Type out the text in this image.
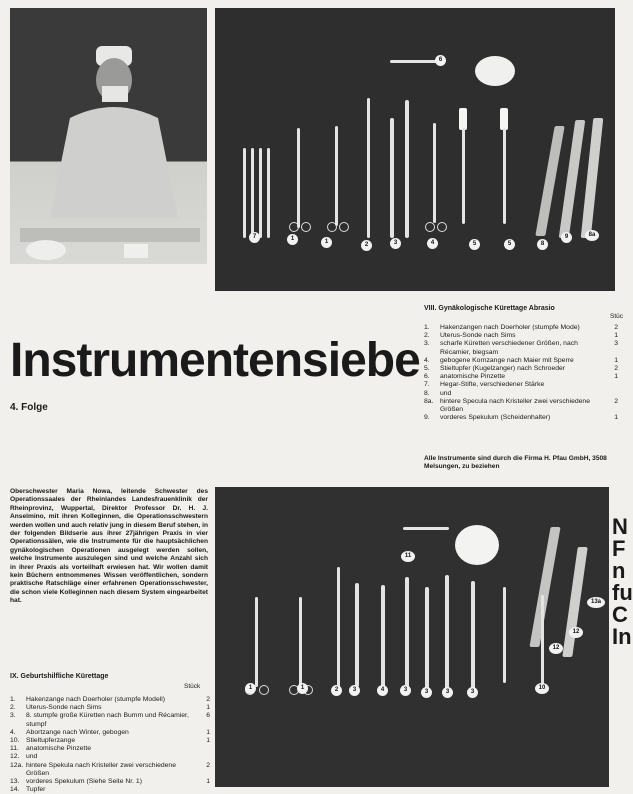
6
7	1	1	2	3	4	5	5	8
9	8a
11
1	1	2	3	4	3	3	3	3
10
12
12
13a
Instrumentensiebe
4. Folge
VIII. Gynäkologische Kürettage Abrasio
Stüc
1.	Hakenzangen nach Doerholer (stumpfe Mode)	2
2.	Uterus-Sonde nach Sims	1
3.	scharfe Küretten verschiedener Größen, nach Récamier, biegsam	3
4.	gebogene Kornzange nach Maier mit Sperre	1
5.	Stieltupfer (Kugelzanger) nach Schroeder	2
6.	anatomische Pinzette	1
7.	Hegar-Stifte, verschiedener Stärke	
8.	und	
8a.	hintere Specula nach Kristeller zwei verschiedene Größen	2
9.	vorderes Spekulum (Scheidenhalter)	1
Alle Instrumente sind durch die Firma H. Pfau GmbH, 3508 Melsungen, zu beziehen
Oberschwester Maria Nowa, leitende Schwester des Operationssaales der Rheinlandes Landesfrauenklinik der Rheinprovinz, Wuppertal, Direktor Professor Dr. H. J. Anselmino, mit ihren Kolleginnen, die Operationsschwestern werden wollen und auch relativ jung in diesem Beruf stehen, in der folgenden Bildserie aus ihrer 27jährigen Praxis in vier Operationssälen, wie die Instrumente für die hauptsächlichen gynäkologischen Operationen ausgelegt werden sollen, welche Instrumente auszulegen sind und welche Anzahl sich in ihrer Praxis als vorteilhaft erwiesen hat. Wir wollen damit kein Büchern entnommenes Wissen veröffentlichen, sondern praktische Ratschläge einer erfahrenen Operationsschwester, die schon viele Kolleginnen nach diesem System eingearbeitet hat.
IX. Geburtshilfliche Kürettage
Stück
1.	Hakenzange nach Doerholer (stumpfe Modell)	2
2.	Uterus-Sonde nach Sims	1
3.	8. stumpfe große Küretten nach Bumm und Récamier, stumpf	6
4.	Abortzange nach Winter, gebogen	1
10.	Stieltupferzange	1
11.	anatomische Pinzette	
12.	und	
12a.	hintere Spekula nach Kristeller zwei verschiedene Größen	2
13.	vorderes Spekulum (Siehe Seite Nr. 1)	1
14.	Tupfer	
N
F
n
fu
C
In
